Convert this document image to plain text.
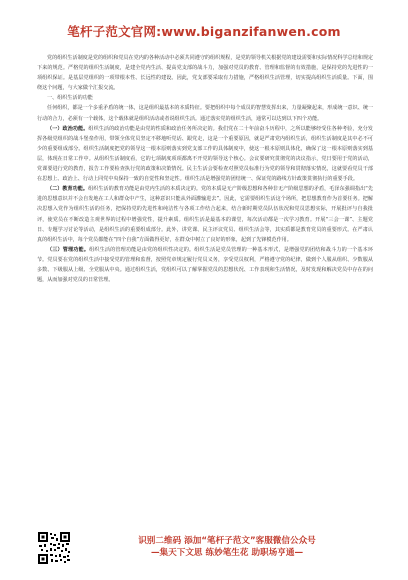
笔杆子范文官网:www.biganzifanwen.com

党的组织生活制度是党的组织和党员在党内的各种活动中必须共同遵守的组织规程，是党的领导机关根据党的建设需要和实际情况科学总结和规定下来的规范。严格党的组织生活制度，是建全党内生活、提高党支部的战斗力，加强对党员的教育、管理和监督的有效措施，是保持党的先进性的一项组织保证。是基层党组织的一项带根本性、长远性的建设。因此，党支部要采取有力措施，严格组织生活管理，切实提高组织生活质量。下面，围绕这个问题，与大家做个汇报交流。

一、组织生活的功能

任何组织，都是一个多重矛盾的统一体，这是组织最基本的本质特征。要把组织中每个成员的智慧发挥出来，力量凝聚起来，形成统一意识、统一行动的合力，必须有一个载体，这个载体就是组织活动或者说组织生活。通过落实党的组织生活，通常可以达到以下四个功能。

（一）政治功能。组织生活的政治功能是由党的性质和政治任务所决定的。我们党在二十年前奋斗历程中，之所以能够经受住各种考验，充分发挥各级党组织的战斗堡垒作用，带领全体党员坚定不移地听党话、跟党走，这是一个重要原因，就是严肃党内组织生活，组织生活制度是其中必不可少的重要组成部分。组织生活制度把党的领导这一根本原则落实到党支部工作的具体制度中，使这一根本原则具体化，确保了这一根本原则落实到基层，体现在日常工作中。从组织生活制度看，它的七项制度项项都离不开党的领导这个核心。会议要研究贯彻党的决议指示，党日要用于党的活动，党课要进行党的教育，报告工作要检查执行党的政策和决策情况。民主生活会要检查对照党员标准行为党的领导和贯彻落实情况，这就要看党员干部在思想上、政治上、行动上同党中央保持一致的自觉性和坚定性。组织生活是增强党的团结统一、保证党的路线方针政策贯彻执行的重要手段。

（二）教育功能。组织生活的教育功能是由党内生活的本质决定的。党的本质是无产阶级思想和各种非无产阶级思想的矛盾，毛泽东强调指出“先进的思想意识并不会自发地在工人和群众中产生，这种意识只能从外面灌输进去”。因此，它需要组织生活这个场所，把思想教育作为首要任务。把解决思想入党作为组织生活的任务，把保持党的先进性和纯洁性与各项工作结合起来，结合新时期党员队伍状况和党员思想实际，开展批评与自我批评，使党员在不断改造主观世界的过程中增强党性，提升素质。组织生活是最基本的课堂，每次活动都是一次学习教育。开展“三会一课”、主题党日、专题学习讨论等活动，是组织生活的重要组成部分。此外，讲党课、民主评议党员、组织生活会等，其实质都是教育党员的重要形式。在严肃认真的组织生活中，每个党员都能在“四个自我”方面做得更好，在群众中树立了良好的形象，起到了先锋模范作用。

（三）管理功能。组织生活的管理功能是由党的组织性决定的。组织生活是党员管理的一种基本形式，是增强党的团结和战斗力的一个基本环节。党员要在党的组织生活中接受党的管理和监督，按照党章规定履行党员义务，享受党员权利，严格遵守党的纪律，做到个人服从组织、少数服从多数、下级服从上级、全党服从中央。通过组织生活，党组织可以了解掌握党员的思想状况、工作表现和生活情况，及时发现和解决党员中存在的问题，从而加强对党员的日常管理。

识别二维码 添加“笔杆子范文”客服微信公众号
—集天下文思 练妙笔生花 助职场亨通—
